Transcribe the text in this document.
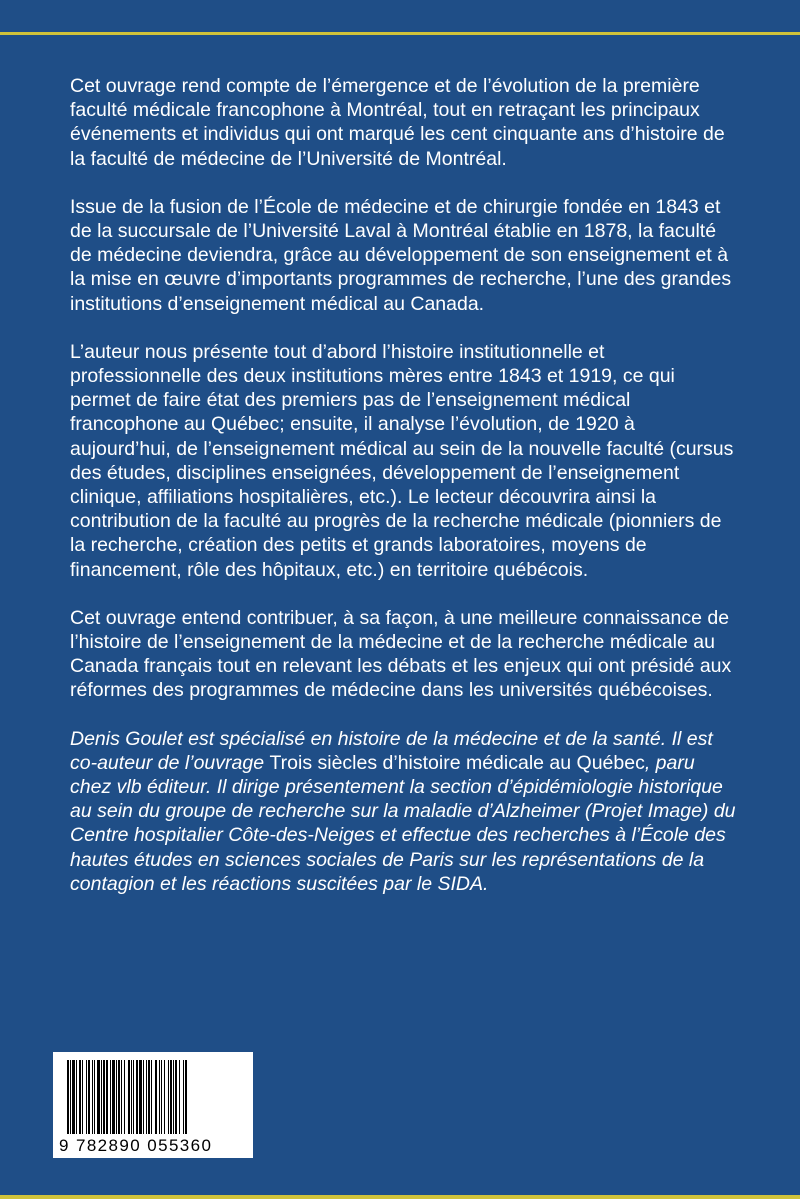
Cet ouvrage rend compte de l’émergence et de l’évolution de la première faculté médicale francophone à Montréal, tout en retraçant les principaux événements et individus qui ont marqué les cent cinquante ans d’histoire de la faculté de médecine de l’Université de Montréal.

Issue de la fusion de l’École de médecine et de chirurgie fondée en 1843 et de la succursale de l’Université Laval à Montréal établie en 1878, la faculté de médecine deviendra, grâce au développement de son enseignement et à la mise en œuvre d’importants programmes de recherche, l’une des grandes institutions d’enseignement médical au Canada.

L’auteur nous présente tout d’abord l’histoire institutionnelle et professionnelle des deux institutions mères entre 1843 et 1919, ce qui permet de faire état des premiers pas de l’enseignement médical francophone au Québec; ensuite, il analyse l’évolution, de 1920 à aujourd’hui, de l’enseignement médical au sein de la nouvelle faculté (cursus des études, disciplines enseignées, développement de l’enseignement clinique, affiliations hospitalières, etc.). Le lecteur découvrira ainsi la contribution de la faculté au progrès de la recherche médicale (pionniers de la recherche, création des petits et grands laboratoires, moyens de financement, rôle des hôpitaux, etc.) en territoire québécois.

Cet ouvrage entend contribuer, à sa façon, à une meilleure connaissance de l’histoire de l’enseignement de la médecine et de la recherche médicale au Canada français tout en relevant les débats et les enjeux qui ont présidé aux réformes des programmes de médecine dans les universités québécoises.

Denis Goulet est spécialisé en histoire de la médecine et de la santé. Il est co-auteur de l’ouvrage Trois siècles d’histoire médicale au Québec, paru chez vlb éditeur. Il dirige présentement la section d’épidémiologie historique au sein du groupe de recherche sur la maladie d’Alzheimer (Projet Image) du Centre hospitalier Côte-des-Neiges et effectue des recherches à l’École des hautes études en sciences sociales de Paris sur les représentations de la contagion et les réactions suscitées par le SIDA.

9 782890 055360
